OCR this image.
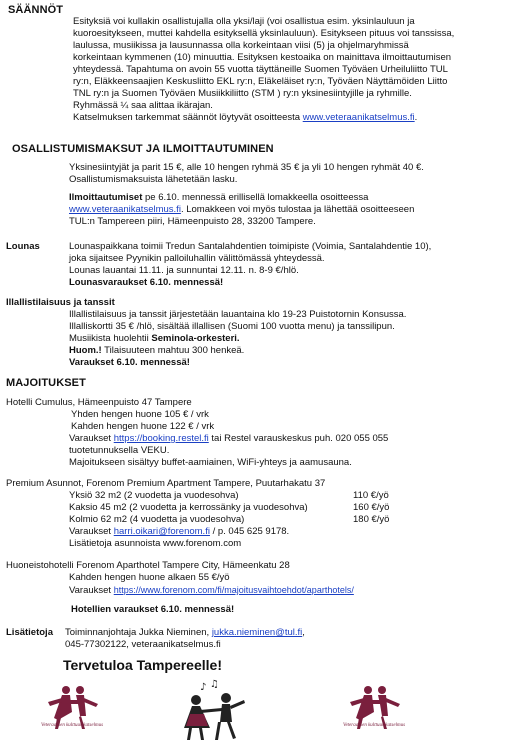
SÄÄNNÖT
Esityksiä voi kullakin osallistujalla olla yksi/laji (voi osallistua esim. yksinlauluun ja
kuoroesitykseen, muttei kahdella esityksellä yksinlauluun). Esitykseen pituus voi tanssissa,
laulussa, musiikissa ja lausunnassa olla korkeintaan viisi (5) ja ohjelmaryhmissä
korkeintaan kymmenen (10) minuuttia. Esityksen kestoaika on mainittava ilmoittautumisen
yhteydessä. Tapahtuma on avoin 55 vuotta täyttäneille Suomen Työväen Urheiluliitto TUL
ry:n, Eläkkeensaajien Keskusliitto EKL ry:n, Eläkeläiset ry:n, Työväen Näyttämöiden Liitto
TNL ry:n ja Suomen Työväen Musiikkiliitto (STM ) ry:n yksinesiintyjille ja ryhmille.
Ryhmässä ¼ saa alittaa ikärajan.
Katselmuksen tarkemmat säännöt löytyvät osoitteesta www.veteraanikatselmus.fi.
OSALLISTUMISMAKSUT JA ILMOITTAUTUMINEN
Yksinesiintyjät ja parit 15 €, alle 10 hengen ryhmä 35 € ja yli 10 hengen ryhmät 40 €.
Osallistumismaksuista lähetetään lasku.
Ilmoittautumiset pe 6.10. mennessä erillisellä lomakkeella osoitteessa
www.veteraanikatselmus.fi. Lomakkeen voi myös tulostaa ja lähettää osoitteeseen
TUL:n Tampereen piiri, Hämeenpuisto 28, 33200 Tampere.
Lounas	Lounaspaikkana toimii Tredun Santalahdentien toimipiste (Voimia, Santalahdentie 10),
joka sijaitsee Pyynikin palloiluhallin välittömässä yhteydessä.
Lounas lauantai 11.11. ja sunnuntai 12.11. n. 8-9 €/hlö.
Lounasvaraukset 6.10. mennessä!
Illallistilaisuus ja tanssit
Illallistilaisuus ja tanssit järjestetään lauantaina klo 19-23 Puistotornin Konsussa.
Illalliskortti 35 € /hlö, sisältää illallisen (Suomi 100 vuotta menu) ja tanssilipun.
Musiikista huolehtii Seminola-orkesteri.
Huom.! Tilaisuuteen mahtuu 300 henkeä.
Varaukset 6.10. mennessä!
MAJOITUKSET
Hotelli Cumulus, Hämeenpuisto 47 Tampere
Yhden hengen huone 105 € / vrk
Kahden hengen huone 122 € / vrk
Varaukset https://booking.restel.fi tai Restel varauskeskus puh. 020 055 055
tuotetunnuksella VEKU.
Majoitukseen sisältyy buffet-aamiainen, WiFi-yhteys ja aamusauna.
Premium Asunnot, Forenom Premium Apartment Tampere, Puutarhakatu 37
Yksiö 32 m2 (2 vuodetta ja vuodesohva)	110 €/yö
Kaksio 45 m2 (2 vuodetta ja kerrossänky ja vuodesohva)	160 €/yö
Kolmio 62 m2 (4 vuodetta ja vuodesohva)	180 €/yö
Varaukset harri.oikari@forenom.fi / p. 045 625 9178.
Lisätietoja asunnoista www.forenom.com
Huoneistohotelli Forenom Aparthotel Tampere City, Hämeenkatu 28
Kahden hengen huone alkaen 55 €/yö
Varaukset https://www.forenom.com/fi/majoitusvaihtoehdot/aparthotels/
Hotellien varaukset 6.10. mennessä!
Lisätietoja Toiminnanjohtaja Jukka Nieminen, jukka.nieminen@tul.fi,
045-77302122, veteraanikatselmus.fi
Tervetuloa Tampereelle!
Veteraanien kulttuurikatselmus
♪ ♫
Veteraanien kulttuurikatselmus
